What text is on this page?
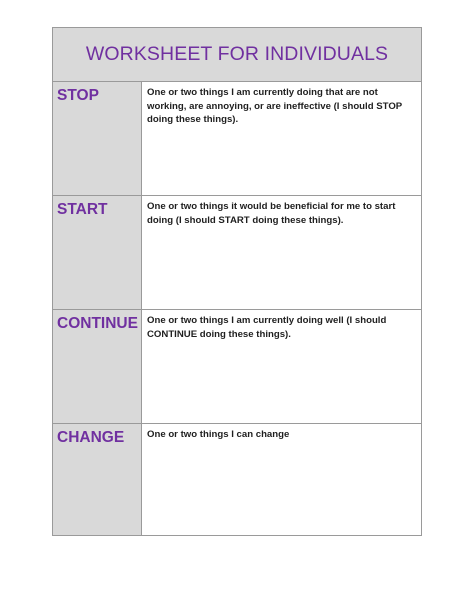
WORKSHEET FOR INDIVIDUALS
STOP	One or two things I am currently doing that are not working, are annoying, or are ineffective (I should STOP doing these things).
START	One or two things it would be beneficial for me to start doing (I should START doing these things).
CONTINUE One or two things I am currently doing well (I should CONTINUE doing these things).
CHANGE One or two things I can change
